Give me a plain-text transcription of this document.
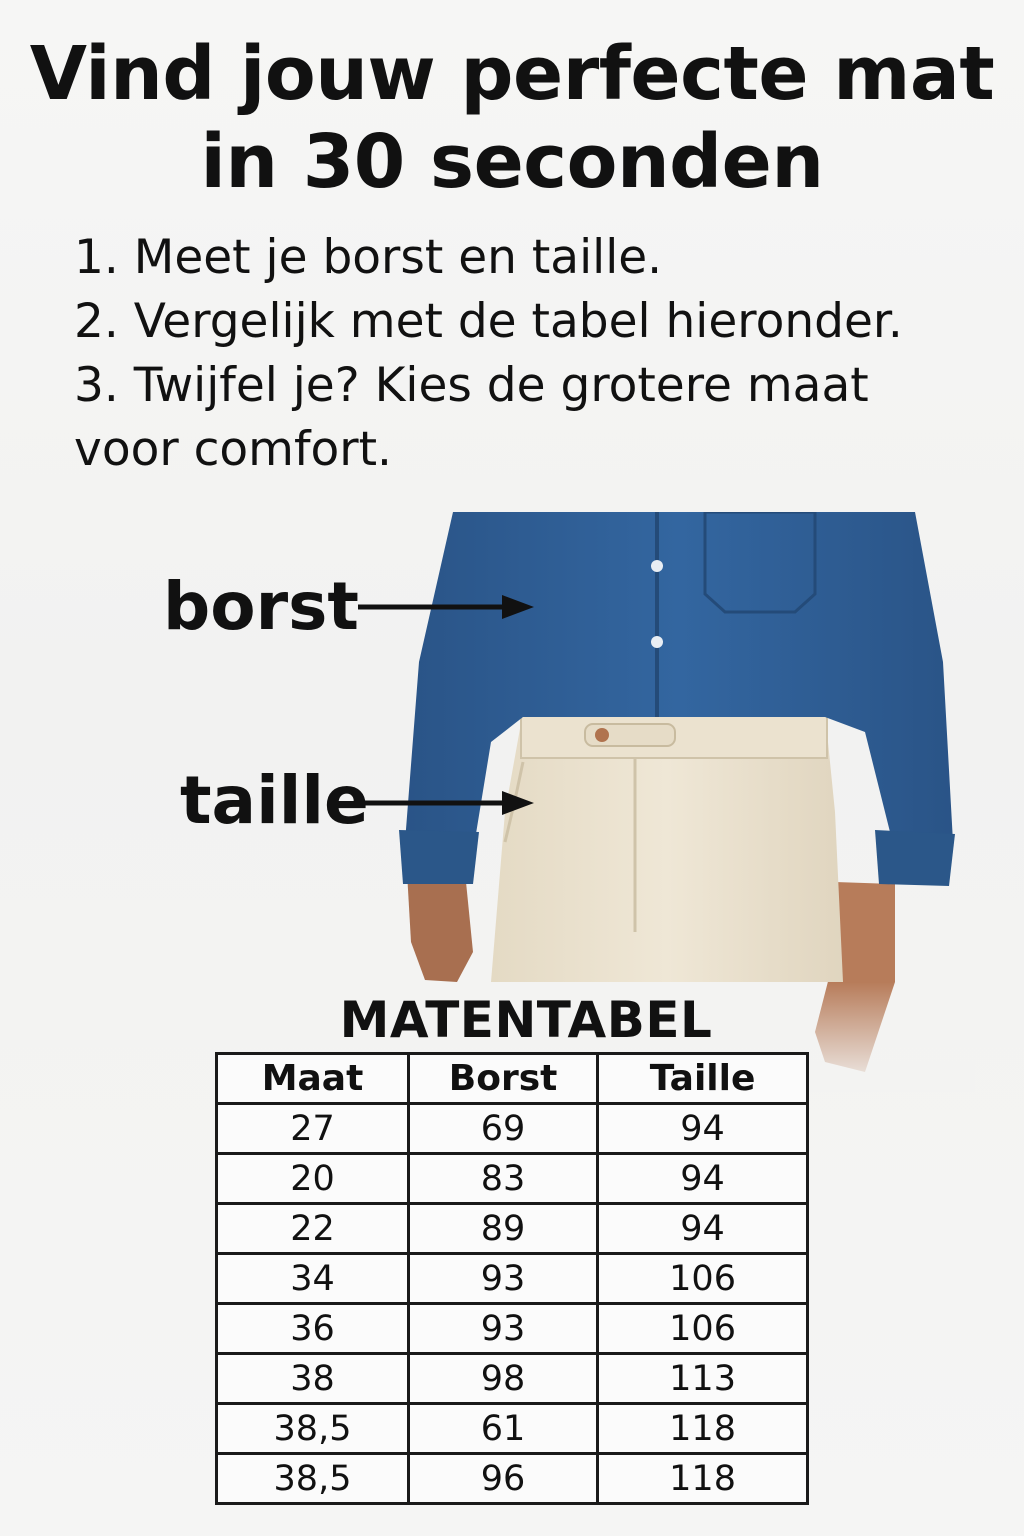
Vind jouw perfecte mat
in 30 seconden

1. Meet je borst en taille.

2. Vergelijk met de tabel hieronder.

3. Twijfel je? Kies de grotere maat voor comfort.

borst
taille
MATENTABEL
Maat	Borst	Taille
27	69	94
20	83	94
22	89	94
34	93	106
36	93	106
38	98	113
38,5	61	118
38,5	96	118
